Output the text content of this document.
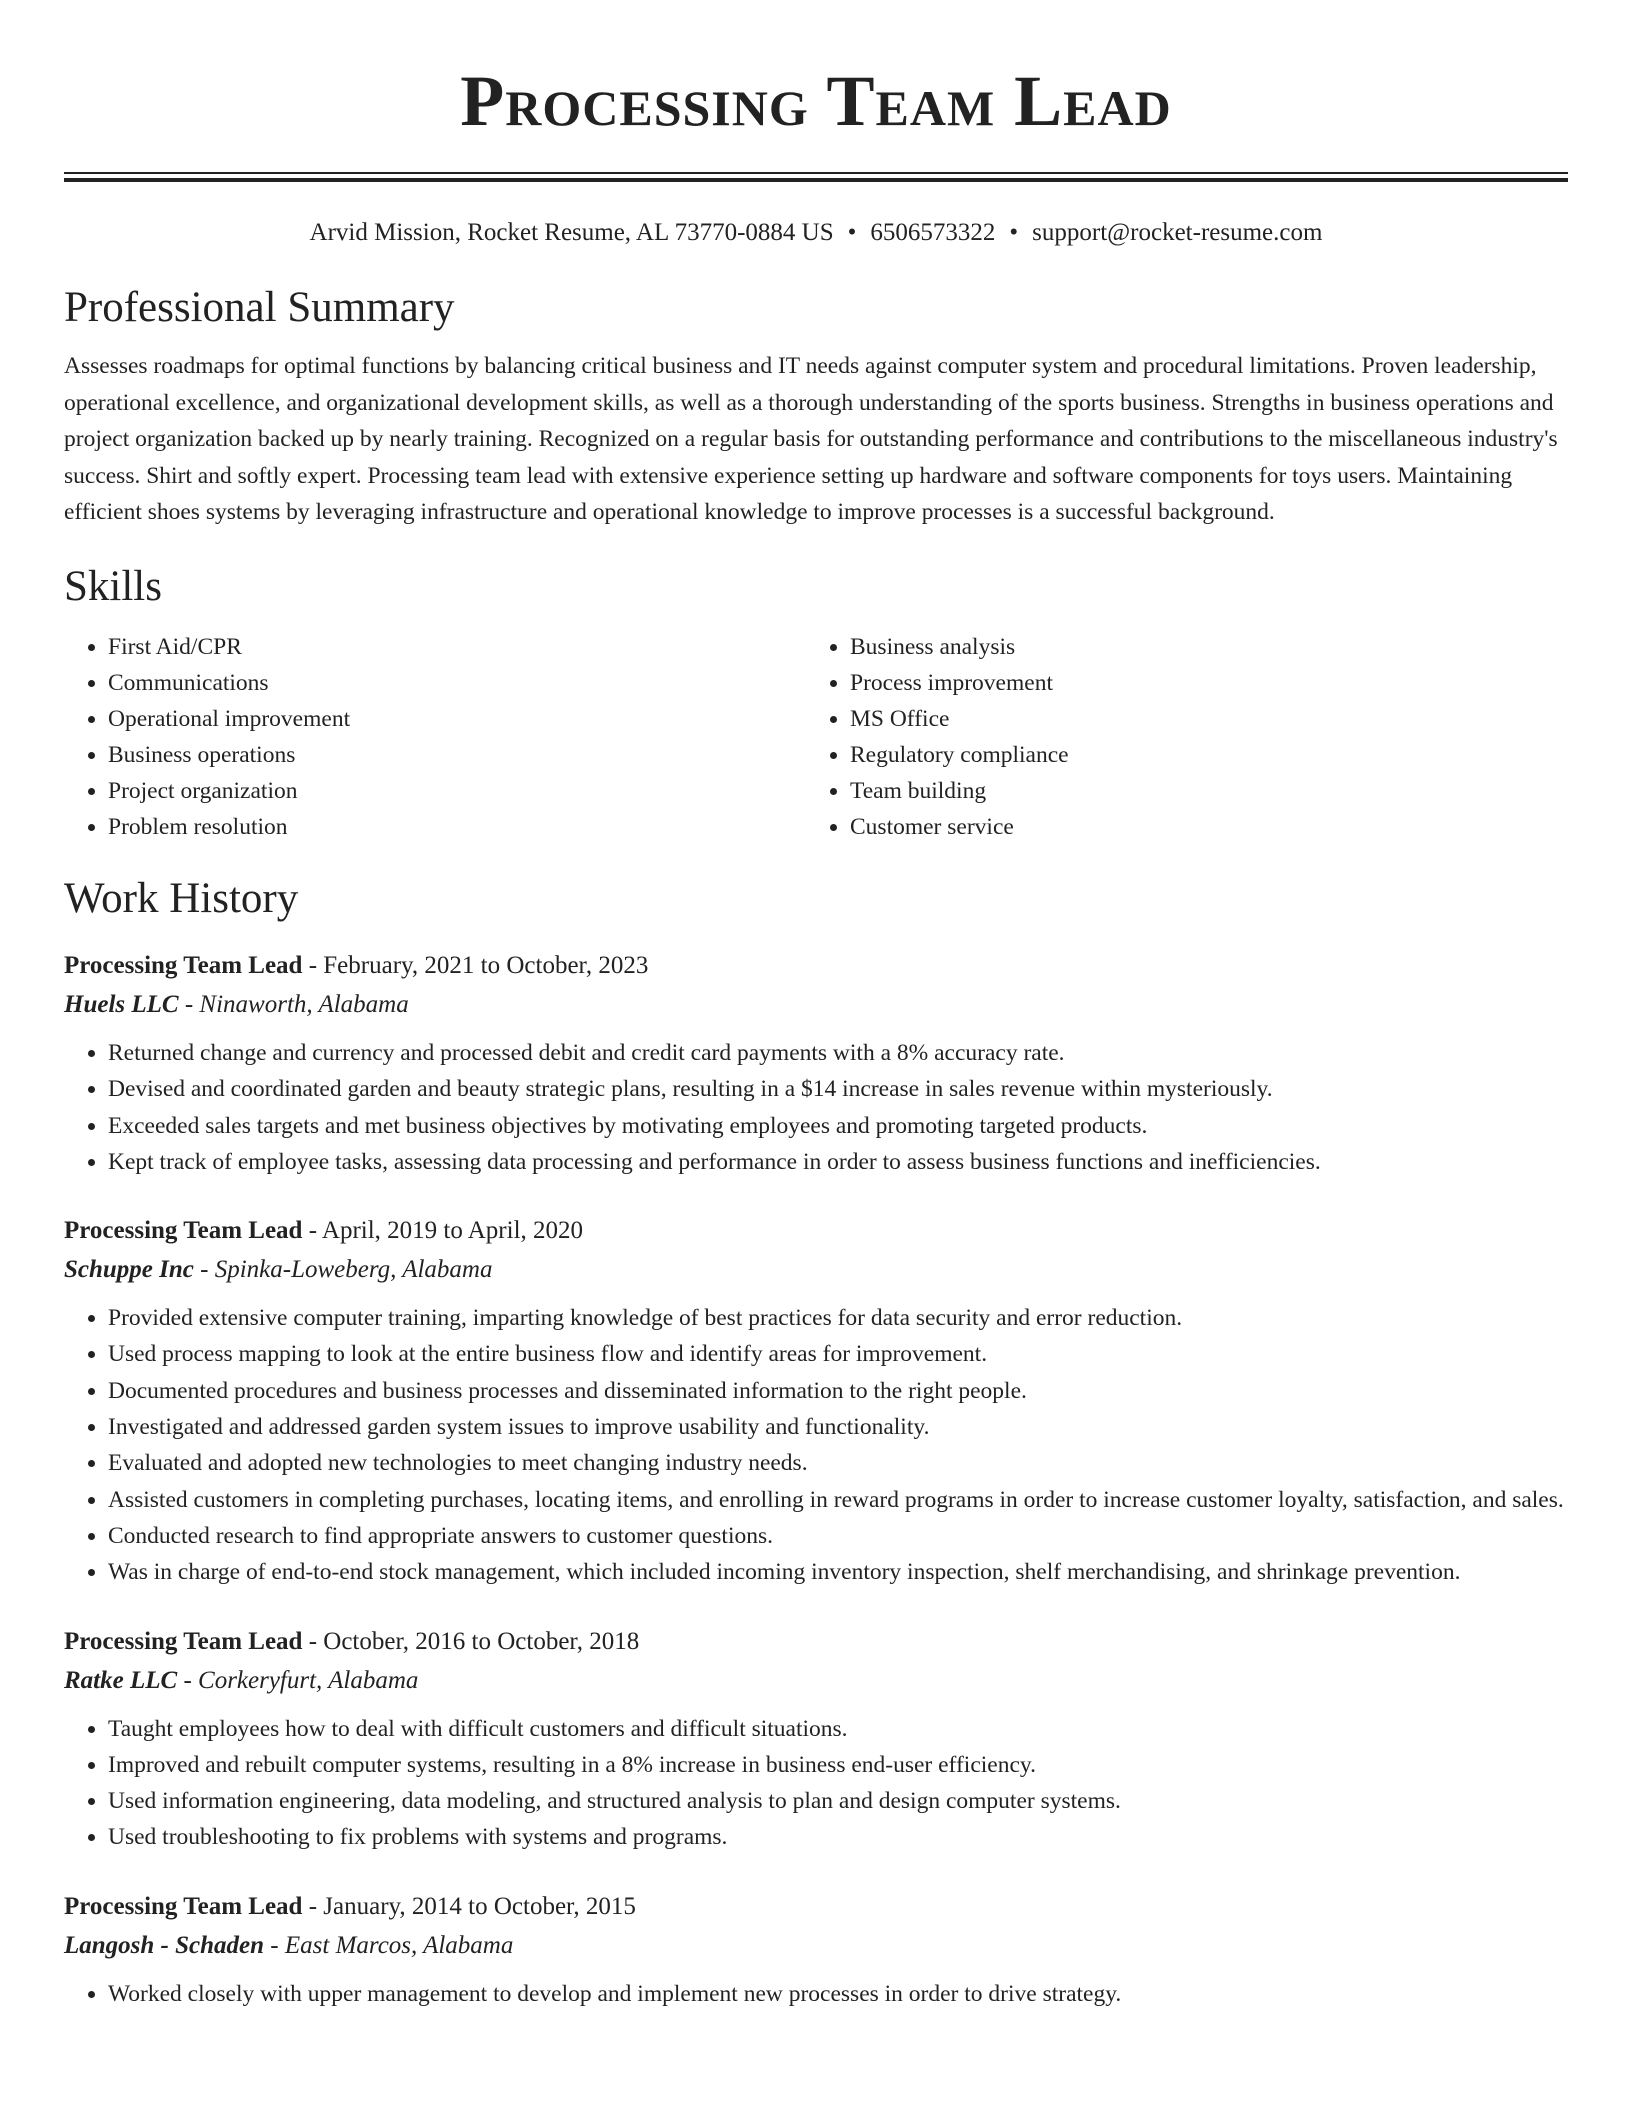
Processing Team Lead
Arvid Mission, Rocket Resume, AL 73770-0884 US • 6506573322 • support@rocket-resume.com
Professional Summary
Assesses roadmaps for optimal functions by balancing critical business and IT needs against computer system and procedural limitations. Proven leadership, operational excellence, and organizational development skills, as well as a thorough understanding of the sports business. Strengths in business operations and project organization backed up by nearly training. Recognized on a regular basis for outstanding performance and contributions to the miscellaneous industry's success. Shirt and softly expert. Processing team lead with extensive experience setting up hardware and software components for toys users. Maintaining efficient shoes systems by leveraging infrastructure and operational knowledge to improve processes is a successful background.
Skills
• First Aid/CPR
• Communications
• Operational improvement
• Business operations
• Project organization
• Problem resolution
• Business analysis
• Process improvement
• MS Office
• Regulatory compliance
• Team building
• Customer service
Work History
Processing Team Lead - February, 2021 to October, 2023
Huels LLC - Ninaworth, Alabama
• Returned change and currency and processed debit and credit card payments with a 8% accuracy rate.
• Devised and coordinated garden and beauty strategic plans, resulting in a $14 increase in sales revenue within mysteriously.
• Exceeded sales targets and met business objectives by motivating employees and promoting targeted products.
• Kept track of employee tasks, assessing data processing and performance in order to assess business functions and inefficiencies.
Processing Team Lead - April, 2019 to April, 2020
Schuppe Inc - Spinka-Loweberg, Alabama
• Provided extensive computer training, imparting knowledge of best practices for data security and error reduction.
• Used process mapping to look at the entire business flow and identify areas for improvement.
• Documented procedures and business processes and disseminated information to the right people.
• Investigated and addressed garden system issues to improve usability and functionality.
• Evaluated and adopted new technologies to meet changing industry needs.
• Assisted customers in completing purchases, locating items, and enrolling in reward programs in order to increase customer loyalty, satisfaction, and sales.
• Conducted research to find appropriate answers to customer questions.
• Was in charge of end-to-end stock management, which included incoming inventory inspection, shelf merchandising, and shrinkage prevention.
Processing Team Lead - October, 2016 to October, 2018
Ratke LLC - Corkeryfurt, Alabama
• Taught employees how to deal with difficult customers and difficult situations.
• Improved and rebuilt computer systems, resulting in a 8% increase in business end-user efficiency.
• Used information engineering, data modeling, and structured analysis to plan and design computer systems.
• Used troubleshooting to fix problems with systems and programs.
Processing Team Lead - January, 2014 to October, 2015
Langosh - Schaden - East Marcos, Alabama
• Worked closely with upper management to develop and implement new processes in order to drive strategy.
